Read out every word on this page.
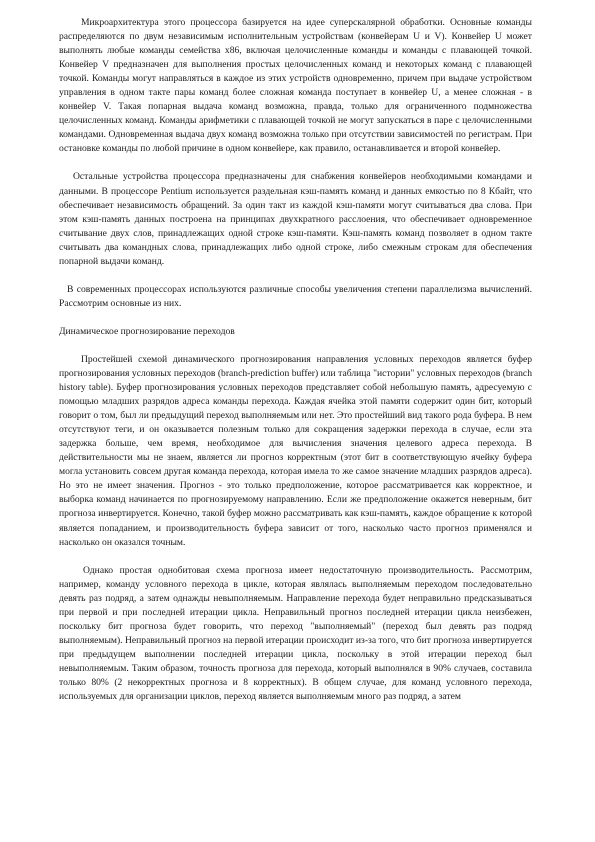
Микроархитектура этого процессора базируется на идее суперскалярной обработки. Основные команды распределяются по двум независимым исполнительным устройствам (конвейерам U и V). Конвейер U может выполнять любые команды семейства x86, включая целочисленные команды и команды с плавающей точкой. Конвейер V предназначен для выполнения простых целочисленных команд и некоторых команд с плавающей точкой. Команды могут направляться в каждое из этих устройств одновременно, причем при выдаче устройством управления в одном такте пары команд более сложная команда поступает в конвейер U, а менее сложная - в конвейер V. Такая попарная выдача команд возможна, правда, только для ограниченного подмножества целочисленных команд. Команды арифметики с плавающей точкой не могут запускаться в паре с целочисленными командами. Одновременная выдача двух команд возможна только при отсутствии зависимостей по регистрам. При остановке команды по любой причине в одном конвейере, как правило, останавливается и второй конвейер.

Остальные устройства процессора предназначены для снабжения конвейеров необходимыми командами и данными. В процессоре Pentium используется раздельная кэш-память команд и данных емкостью по 8 Кбайт, что обеспечивает независимость обращений. За один такт из каждой кэш-памяти могут считываться два слова. При этом кэш-память данных построена на принципах двухкратного расслоения, что обеспечивает одновременное считывание двух слов, принадлежащих одной строке кэш-памяти. Кэш-память команд позволяет в одном такте считывать два командных слова, принадлежащих либо одной строке, либо смежным строкам для обеспечения попарной выдачи команд.

В современных процессорах используются различные способы увеличения степени параллелизма вычислений. Рассмотрим основные из них.

Динамическое прогнозирование переходов

Простейшей схемой динамического прогнозирования направления условных переходов является буфер прогнозирования условных переходов (branch-prediction buffer) или таблица "истории" условных переходов (branch history table). Буфер прогнозирования условных переходов представляет собой небольшую память, адресуемую с помощью младших разрядов адреса команды перехода. Каждая ячейка этой памяти содержит один бит, который говорит о том, был ли предыдущий переход выполняемым или нет. Это простейший вид такого рода буфера. В нем отсутствуют теги, и он оказывается полезным только для сокращения задержки перехода в случае, если эта задержка больше, чем время, необходимое для вычисления значения целевого адреса перехода. В действительности мы не знаем, является ли прогноз корректным (этот бит в соответствующую ячейку буфера могла установить совсем другая команда перехода, которая имела то же самое значение младших разрядов адреса). Но это не имеет значения. Прогноз - это только предположение, которое рассматривается как корректное, и выборка команд начинается по прогнозируемому направлению. Если же предположение окажется неверным, бит прогноза инвертируется. Конечно, такой буфер можно рассматривать как кэш-память, каждое обращение к которой является попаданием, и производительность буфера зависит от того, насколько часто прогноз применялся и насколько он оказался точным.

Однако простая однобитовая схема прогноза имеет недостаточную производительность. Рассмотрим, например, команду условного перехода в цикле, которая являлась выполняемым переходом последовательно девять раз подряд, а затем однажды невыполняемым. Направление перехода будет неправильно предсказываться при первой и при последней итерации цикла. Неправильный прогноз последней итерации цикла неизбежен, поскольку бит прогноза будет говорить, что переход "выполняемый" (переход был девять раз подряд выполняемым). Неправильный прогноз на первой итерации происходит из-за того, что бит прогноза инвертируется при предыдущем выполнении последней итерации цикла, поскольку в этой итерации переход был невыполняемым. Таким образом, точность прогноза для перехода, который выполнялся в 90% случаев, составила только 80% (2 некорректных прогноза и 8 корректных). В общем случае, для команд условного перехода, используемых для организации циклов, переход является выполняемым много раз подряд, а затем
